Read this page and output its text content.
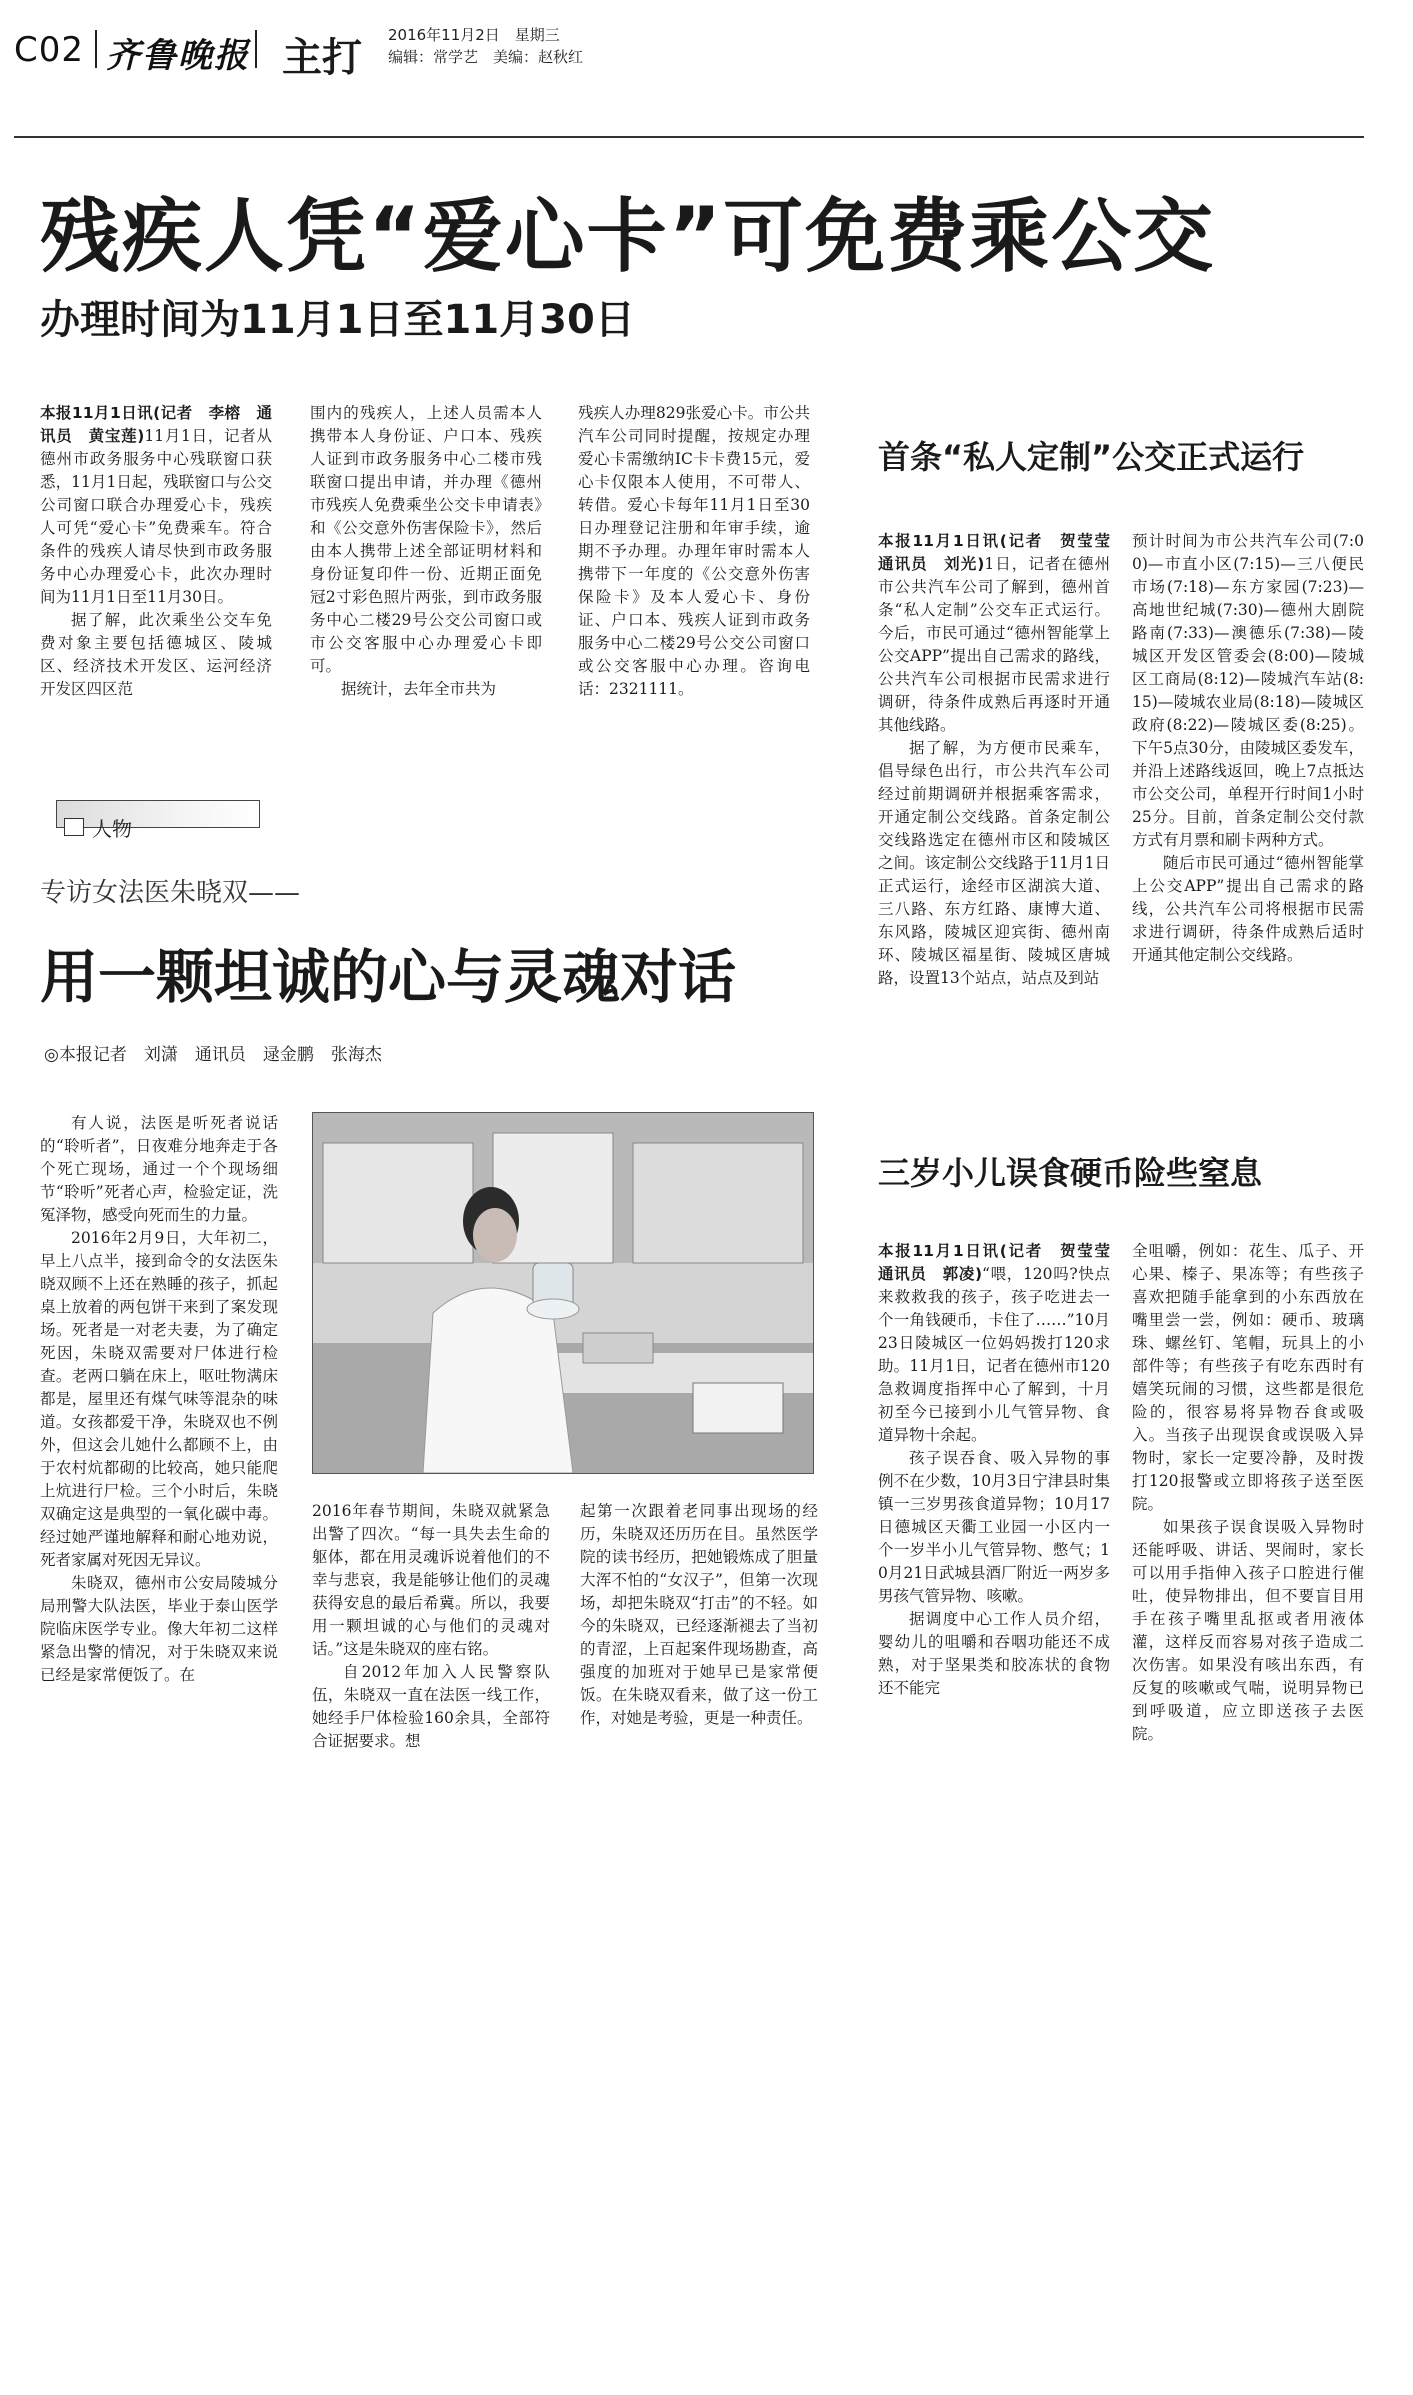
C02 齐鲁晚报 主打 2016年11月2日　星期三
编辑：常学艺　美编：赵秋红
残疾人凭“爱心卡”可免费乘公交
办理时间为11月1日至11月30日

本报11月1日讯(记者　李榕　通讯员　黄宝莲)11月1日，记者从德州市政务服务中心残联窗口获悉，11月1日起，残联窗口与公交公司窗口联合办理爱心卡，残疾人可凭“爱心卡”免费乘车。符合条件的残疾人请尽快到市政务服务中心办理爱心卡，此次办理时间为11月1日至11月30日。

据了解，此次乘坐公交车免费对象主要包括德城区、陵城区、经济技术开发区、运河经济开发区四区范

围内的残疾人，上述人员需本人携带本人身份证、户口本、残疾人证到市政务服务中心二楼市残联窗口提出申请，并办理《德州市残疾人免费乘坐公交卡申请表》和《公交意外伤害保险卡》，然后由本人携带上述全部证明材料和身份证复印件一份、近期正面免冠2寸彩色照片两张，到市政务服务中心二楼29号公交公司窗口或市公交客服中心办理爱心卡即可。

据统计，去年全市共为

残疾人办理829张爱心卡。市公共汽车公司同时提醒，按规定办理爱心卡需缴纳IC卡卡费15元，爱心卡仅限本人使用，不可带人、转借。爱心卡每年11月1日至30日办理登记注册和年审手续，逾期不予办理。办理年审时需本人携带下一年度的《公交意外伤害保险卡》及本人爱心卡、身份证、户口本、残疾人证到市政务服务中心二楼29号公交公司窗口或公交客服中心办理。咨询电话：2321111。

首条“私人定制”公交正式运行

本报11月1日讯(记者　贺莹莹　通讯员　刘光)1日，记者在德州市公共汽车公司了解到，德州首条“私人定制”公交车正式运行。今后，市民可通过“德州智能掌上公交APP”提出自己需求的路线，公共汽车公司根据市民需求进行调研，待条件成熟后再逐时开通其他线路。

据了解，为方便市民乘车，倡导绿色出行，市公共汽车公司经过前期调研并根据乘客需求，开通定制公交线路。首条定制公交线路选定在德州市区和陵城区之间。该定制公交线路于11月1日正式运行，途经市区湖滨大道、三八路、东方红路、康博大道、东风路，陵城区迎宾街、德州南环、陵城区福星街、陵城区唐城路，设置13个站点，站点及到站

预计时间为市公共汽车公司(7:00)—市直小区(7:15)—三八便民市场(7:18)—东方家园(7:23)—高地世纪城(7:30)—德州大剧院路南(7:33)—澳德乐(7:38)—陵城区开发区管委会(8:00)—陵城区工商局(8:12)—陵城汽车站(8:15)—陵城农业局(8:18)—陵城区政府(8:22)—陵城区委(8:25)。下午5点30分，由陵城区委发车，并沿上述路线返回，晚上7点抵达市公交公司，单程开行时间1小时25分。目前，首条定制公交付款方式有月票和刷卡两种方式。

随后市民可通过“德州智能掌上公交APP”提出自己需求的路线，公共汽车公司将根据市民需求进行调研，待条件成熟后适时开通其他定制公交线路。

三岁小儿误食硬币险些窒息

本报11月1日讯(记者　贺莹莹　通讯员　郭凌)“喂，120吗?快点来救救我的孩子，孩子吃进去一个一角钱硬币，卡住了……”10月23日陵城区一位妈妈拨打120求助。11月1日，记者在德州市120急救调度指挥中心了解到，十月初至今已接到小儿气管异物、食道异物十余起。

孩子误吞食、吸入异物的事例不在少数，10月3日宁津县时集镇一三岁男孩食道异物；10月17日德城区天衢工业园一小区内一个一岁半小儿气管异物、憋气；10月21日武城县酒厂附近一两岁多男孩气管异物、咳嗽。

据调度中心工作人员介绍，婴幼儿的咀嚼和吞咽功能还不成熟，对于坚果类和胶冻状的食物还不能完

全咀嚼，例如：花生、瓜子、开心果、榛子、果冻等；有些孩子喜欢把随手能拿到的小东西放在嘴里尝一尝，例如：硬币、玻璃珠、螺丝钉、笔帽，玩具上的小部件等；有些孩子有吃东西时有嬉笑玩闹的习惯，这些都是很危险的，很容易将异物吞食或吸入。当孩子出现误食或误吸入异物时，家长一定要冷静，及时拨打120报警或立即将孩子送至医院。

如果孩子误食误吸入异物时还能呼吸、讲话、哭闹时，家长可以用手指伸入孩子口腔进行催吐，使异物排出，但不要盲目用手在孩子嘴里乱抠或者用液体灌，这样反而容易对孩子造成二次伤害。如果没有咳出东西，有反复的咳嗽或气喘，说明异物已到呼吸道，应立即送孩子去医院。

人物
专访女法医朱晓双——
用一颗坦诚的心与灵魂对话
◎本报记者　刘潇　通讯员　逯金鹏　张海杰

有人说，法医是听死者说话的“聆听者”，日夜难分地奔走于各个死亡现场，通过一个个现场细节“聆听”死者心声，检验定证，洗冤泽物，感受向死而生的力量。

2016年2月9日，大年初二，早上八点半，接到命令的女法医朱晓双顾不上还在熟睡的孩子，抓起桌上放着的两包饼干来到了案发现场。死者是一对老夫妻，为了确定死因，朱晓双需要对尸体进行检查。老两口躺在床上，呕吐物满床都是，屋里还有煤气味等混杂的味道。女孩都爱干净，朱晓双也不例外，但这会儿她什么都顾不上，由于农村炕都砌的比较高，她只能爬上炕进行尸检。三个小时后，朱晓双确定这是典型的一氧化碳中毒。经过她严谨地解释和耐心地劝说，死者家属对死因无异议。

朱晓双，德州市公安局陵城分局刑警大队法医，毕业于泰山医学院临床医学专业。像大年初二这样紧急出警的情况，对于朱晓双来说已经是家常便饭了。在

2016年春节期间，朱晓双就紧急出警了四次。“每一具失去生命的躯体，都在用灵魂诉说着他们的不幸与悲哀，我是能够让他们的灵魂获得安息的最后希冀。所以，我要用一颗坦诚的心与他们的灵魂对话。”这是朱晓双的座右铭。

自2012年加入人民警察队伍，朱晓双一直在法医一线工作，她经手尸体检验160余具，全部符合证据要求。想

起第一次跟着老同事出现场的经历，朱晓双还历历在目。虽然医学院的读书经历，把她锻炼成了胆量大浑不怕的“女汉子”，但第一次现场，却把朱晓双“打击”的不轻。如今的朱晓双，已经逐渐褪去了当初的青涩，上百起案件现场勘查，高强度的加班对于她早已是家常便饭。在朱晓双看来，做了这一份工作，对她是考验，更是一种责任。
